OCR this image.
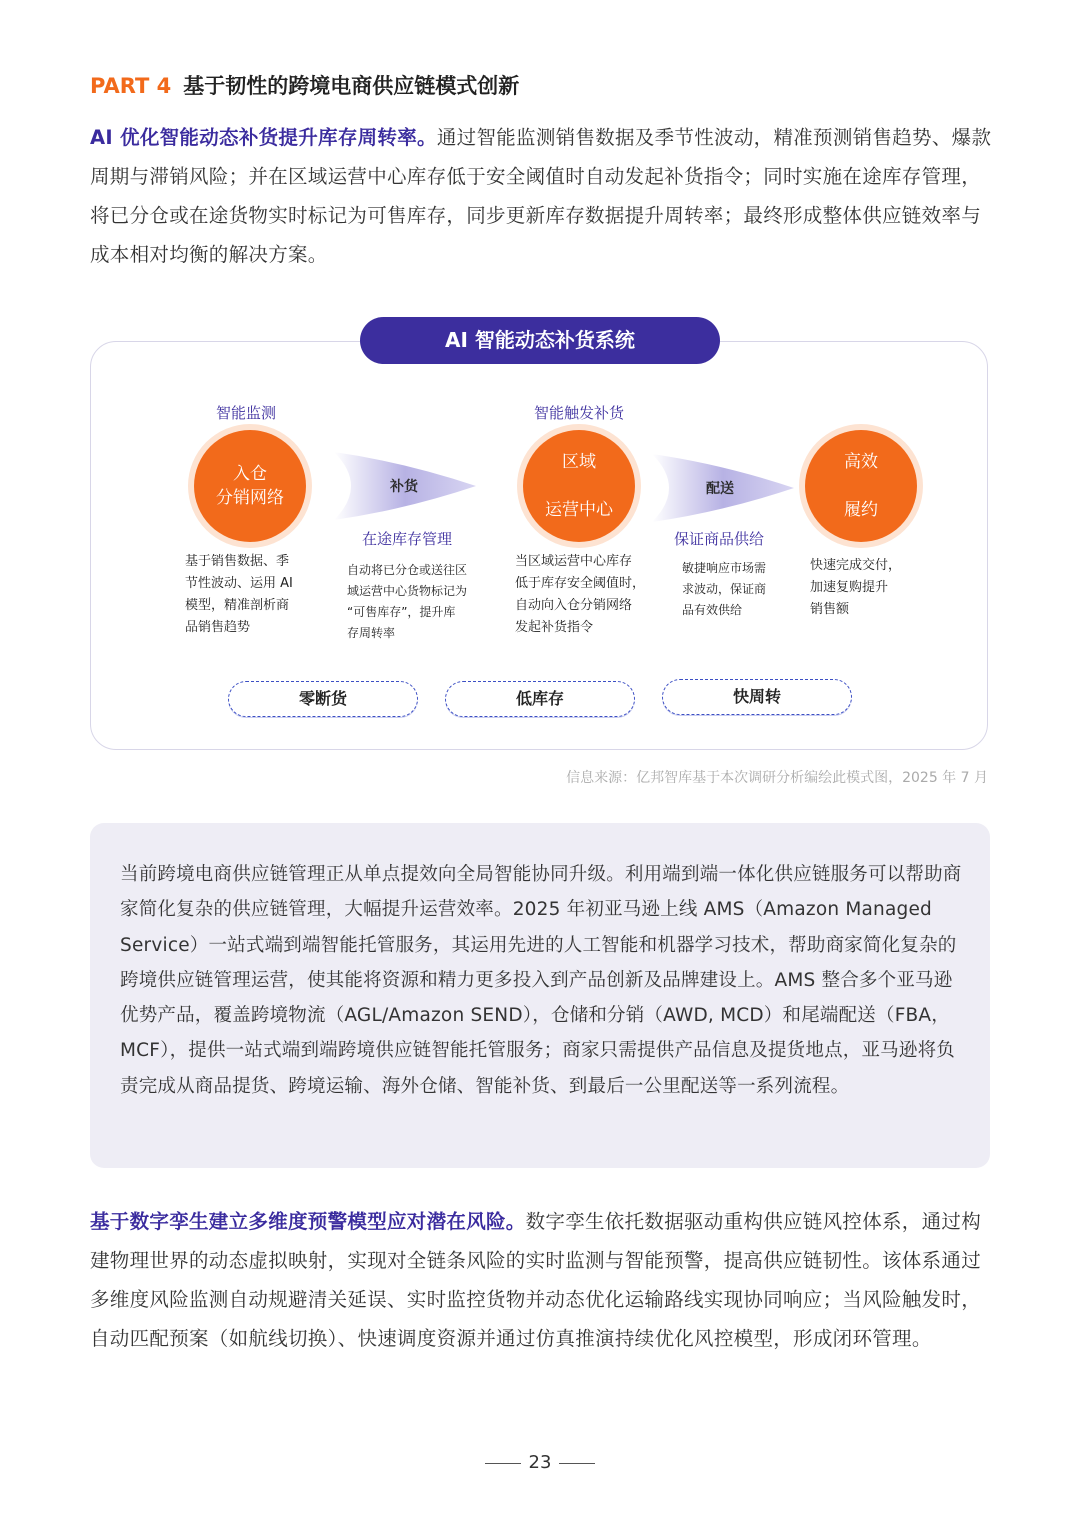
PART 4 基于韧性的跨境电商供应链模式创新
AI 优化智能动态补货提升库存周转率。通过智能监测销售数据及季节性波动，精准预测销售趋势、爆款周期与滞销风险；并在区域运营中心库存低于安全阈值时自动发起补货指令；同时实施在途库存管理，将已分仓或在途货物实时标记为可售库存，同步更新库存数据提升周转率；最终形成整体供应链效率与成本相对均衡的解决方案。
AI 智能动态补货系统
智能监测
入仓
分销网络
基于销售数据、季
节性波动、运用 AI
模型，精准剖析商
品销售趋势
补货
在途库存管理
自动将已分仓或送往区
域运营中心货物标记为
“可售库存”，提升库
存周转率
智能触发补货
区域

运营中心
当区域运营中心库存
低于库存安全阈值时，
自动向入仓分销网络
发起补货指令
配送
保证商品供给
敏捷响应市场需
求波动，保证商
品有效供给
高效

履约
快速完成交付，
加速复购提升
销售额
零断货	低库存	快周转
信息来源：亿邦智库基于本次调研分析编绘此模式图，2025 年 7 月

当前跨境电商供应链管理正从单点提效向全局智能协同升级。利用端到端一体化供应链服务可以帮助商家简化复杂的供应链管理，大幅提升运营效率。2025 年初亚马逊上线 AMS（Amazon Managed Service）一站式端到端智能托管服务，其运用先进的人工智能和机器学习技术，帮助商家简化复杂的跨境供应链管理运营，使其能将资源和精力更多投入到产品创新及品牌建设上。AMS 整合多个亚马逊优势产品，覆盖跨境物流（AGL/Amazon SEND），仓储和分销（AWD, MCD）和尾端配送（FBA，MCF），提供一站式端到端跨境供应链智能托管服务；商家只需提供产品信息及提货地点，亚马逊将负责完成从商品提货、跨境运输、海外仓储、智能补货、到最后一公里配送等一系列流程。

基于数字孪生建立多维度预警模型应对潜在风险。数字孪生依托数据驱动重构供应链风控体系，通过构建物理世界的动态虚拟映射，实现对全链条风险的实时监测与智能预警，提高供应链韧性。该体系通过多维度风险监测自动规避清关延误、实时监控货物并动态优化运输路线实现协同响应；当风险触发时，自动匹配预案（如航线切换）、快速调度资源并通过仿真推演持续优化风控模型，形成闭环管理。
23
